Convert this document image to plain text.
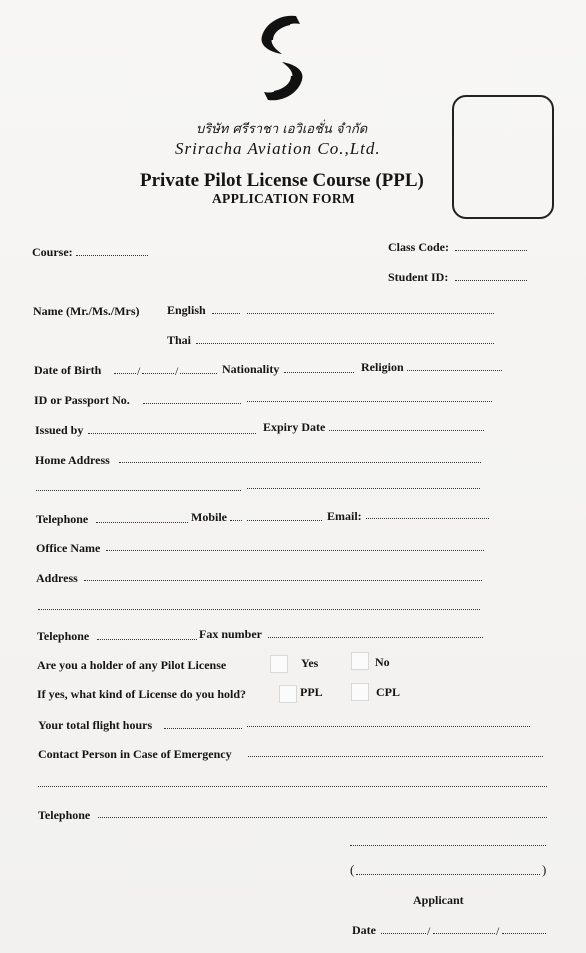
บริษัท ศรีราชา เอวิเอชั่น จำกัด
Sriracha Aviation Co.,Ltd.
Private Pilot License Course (PPL)
APPLICATION FORM
Course:	Class Code:
Student ID:
Name (Mr./Ms./Mrs) English
Thai
Date of Birth	/	/	Nationality	Religion
ID or Passport No.
Issued by	Expiry Date
Home Address
Telephone	Mobile	Email:
Office Name
Address
Telephone	Fax number
Are you a holder of any Pilot License	Yes	No
If yes, what kind of License do you hold?	PPL	CPL
Your total flight hours
Contact Person in Case of Emergency
Telephone
(	)
Applicant
Date	/	/
